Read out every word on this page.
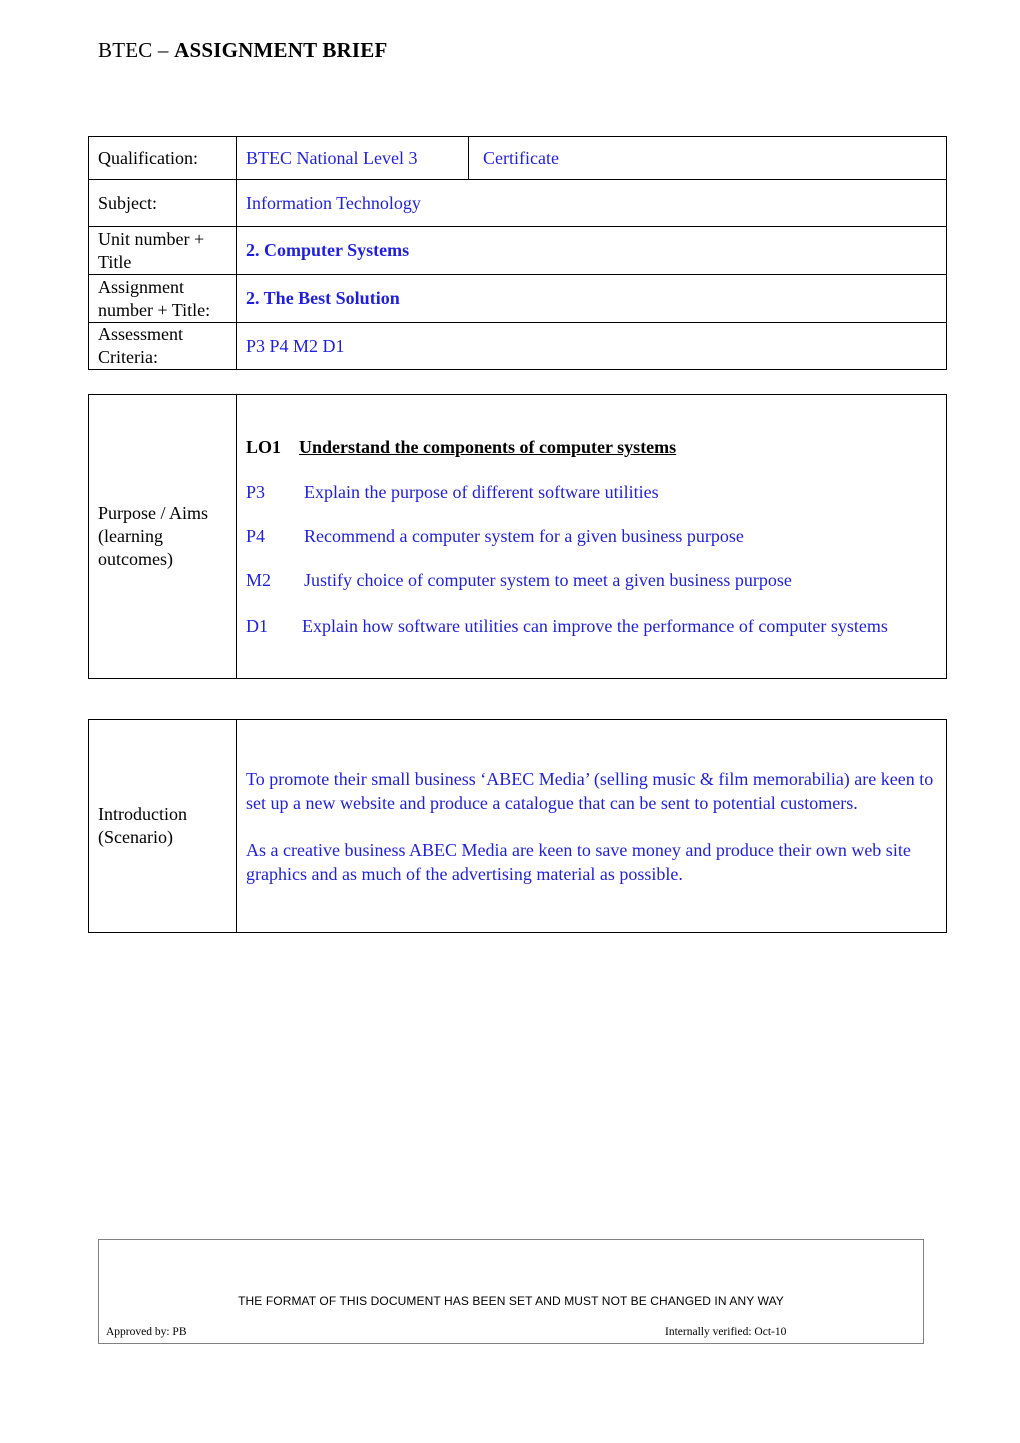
BTEC – ASSIGNMENT BRIEF
Qualification:	BTEC National Level 3	Certificate
Subject:	Information Technology	
Unit number + Title	2. Computer Systems	
Assignment number + Title:	2. The Best Solution	
Assessment Criteria:	P3 P4 M2 D1	
Purpose / Aims (learning outcomes)	

LO1 Understand the components of computer systems

P3	Explain the purpose of different software utilities
P4	Recommend a computer system for a given business purpose
M2	Justify choice of computer system to meet a given business purpose
D1	Explain how software utilities can improve the performance of computer systems
Introduction (Scenario)	

To promote their small business ‘ABEC Media’ (selling music & film memorabilia) are keen to set up a new website and produce a catalogue that can be sent to potential customers.

As a creative business ABEC Media are keen to save money and produce their own web site graphics and as much of the advertising material as possible.

THE FORMAT OF THIS DOCUMENT HAS BEEN SET AND MUST NOT BE CHANGED IN ANY WAY
Approved by: PB	Internally verified: Oct-10
